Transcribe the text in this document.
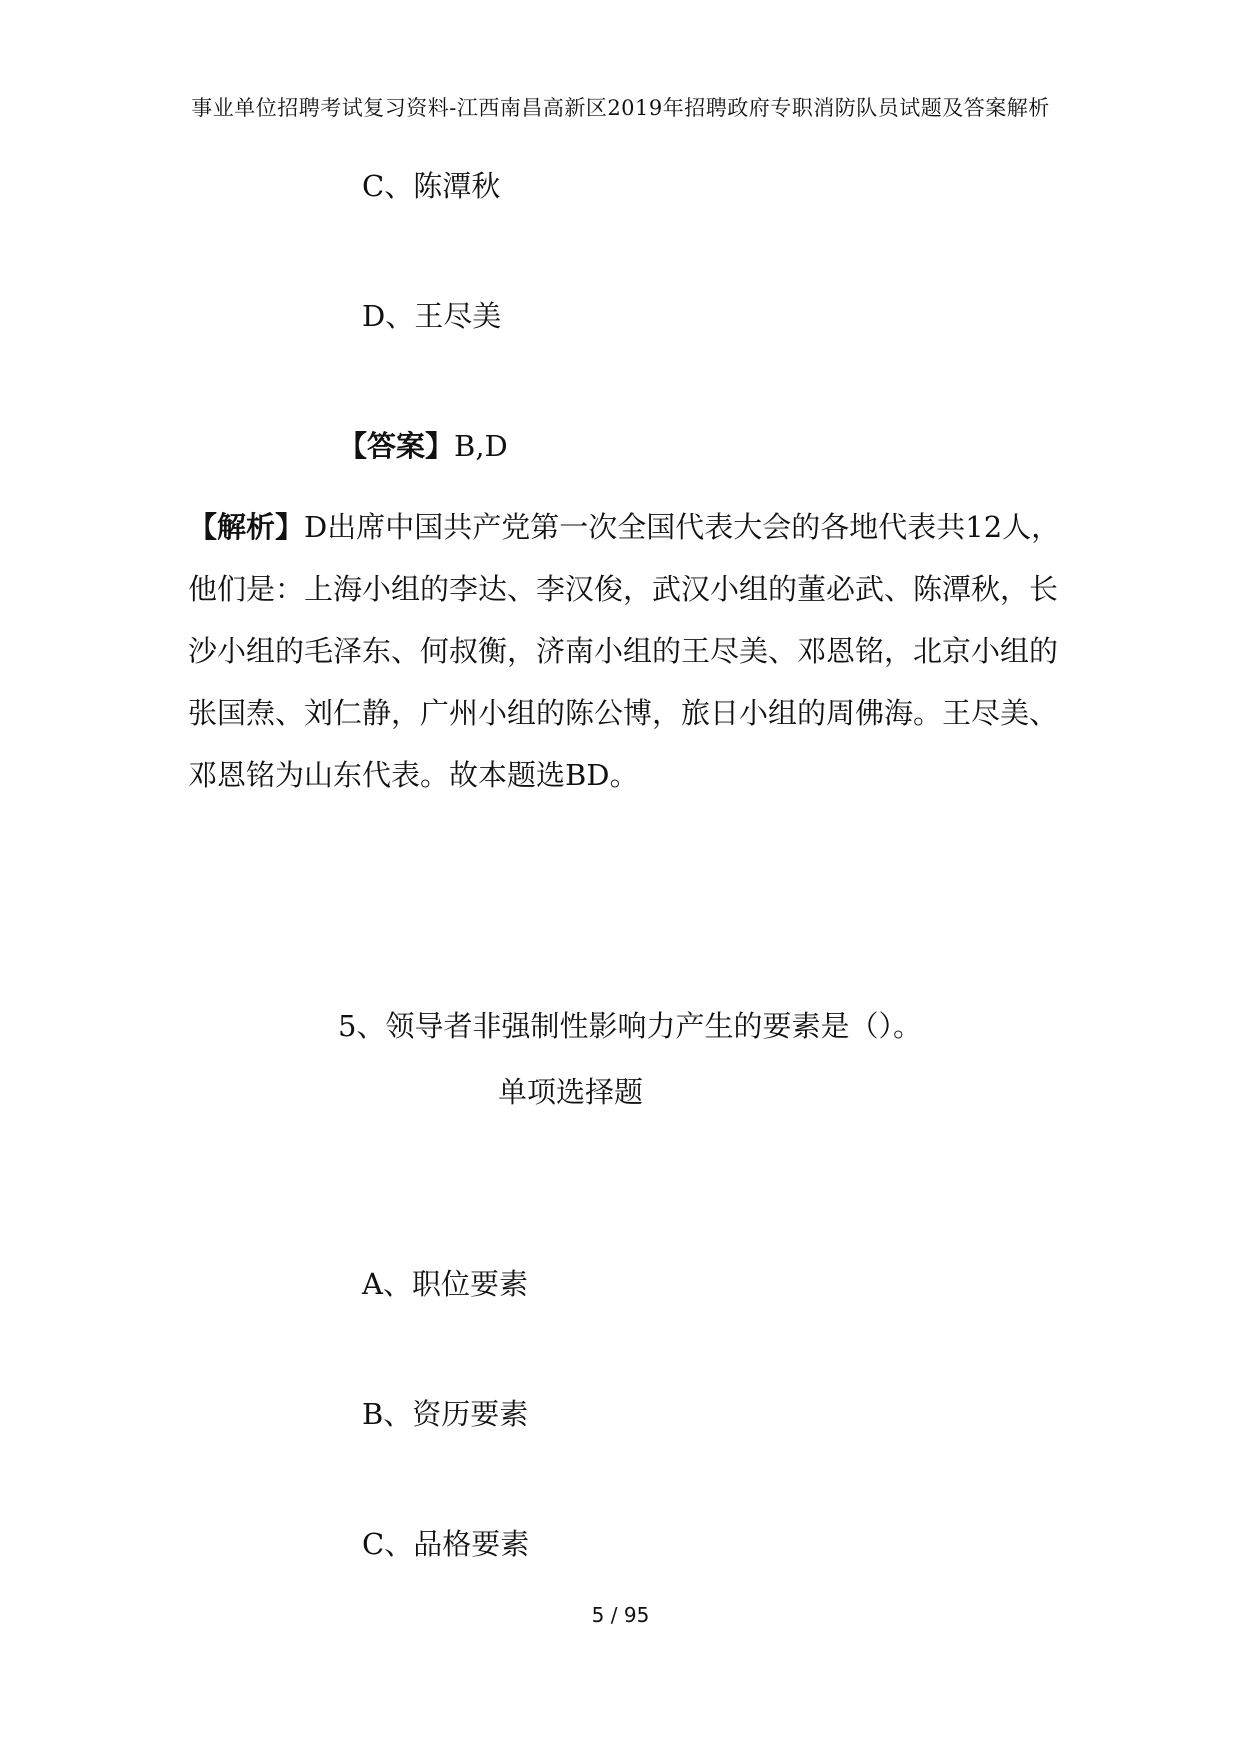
事业单位招聘考试复习资料-江西南昌高新区2019年招聘政府专职消防队员试题及答案解析
C、陈潭秋
D、王尽美
【答案】B,D

【解析】D出席中国共产党第一次全国代表大会的各地代表共12人，他们是：上海小组的李达、李汉俊，武汉小组的董必武、陈潭秋，长沙小组的毛泽东、何叔衡，济南小组的王尽美、邓恩铭，北京小组的张国焘、刘仁静，广州小组的陈公博，旅日小组的周佛海。王尽美、邓恩铭为山东代表。故本题选BD。

5、领导者非强制性影响力产生的要素是（）。
单项选择题
A、职位要素
B、资历要素
C、品格要素
5 / 95
